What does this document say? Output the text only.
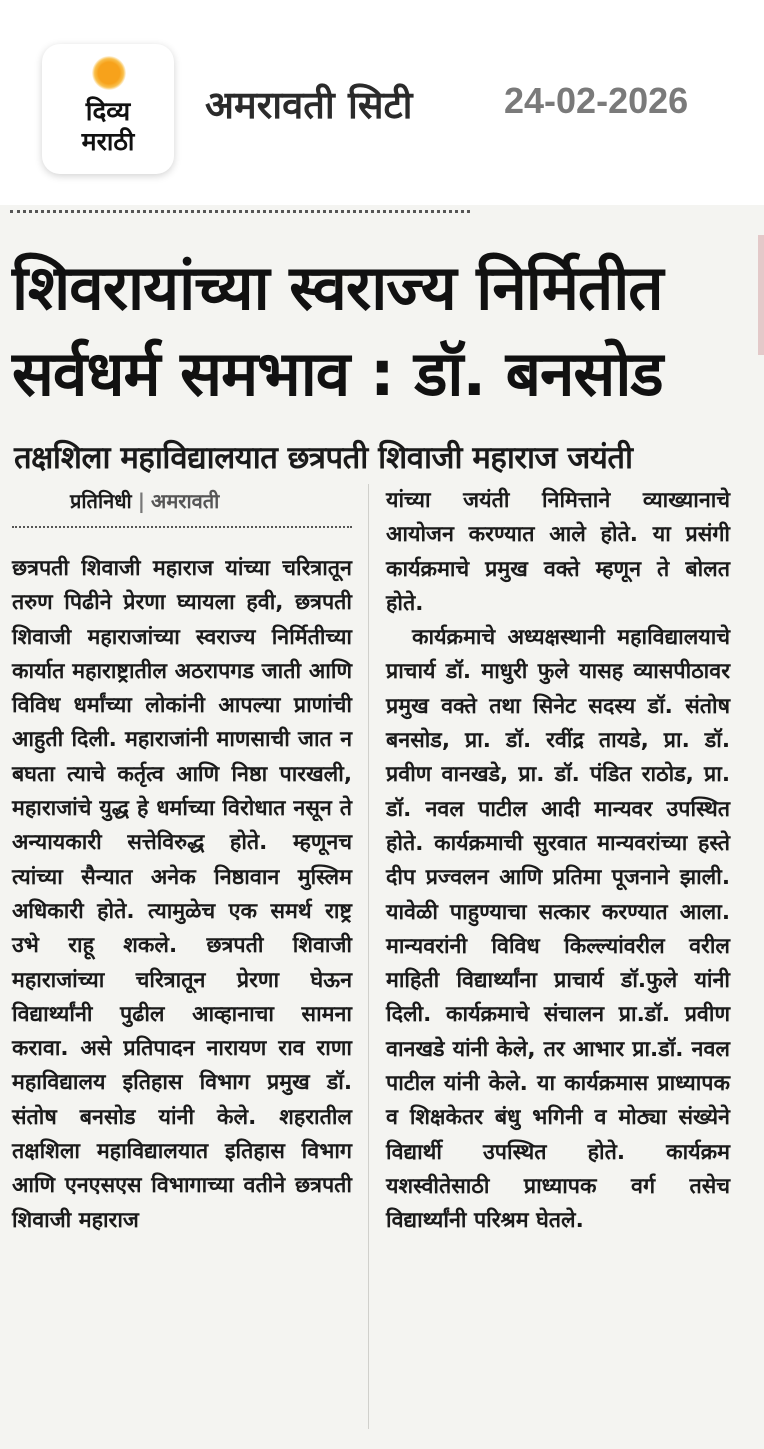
दिव्य
मराठी
अमरावती सिटी	24-02-2026
शिवरायांच्या स्वराज्य निर्मितीत
सर्वधर्म समभाव : डॉ. बनसोड
तक्षशिला महाविद्यालयात छत्रपती शिवाजी महाराज जयंती
प्रतिनिधी | अमरावती

छत्रपती शिवाजी महाराज यांच्या चरित्रातून तरुण पिढीने प्रेरणा घ्यायला हवी, छत्रपती शिवाजी महाराजांच्या स्वराज्य निर्मितीच्या कार्यात महाराष्ट्रातील अठरापगड जाती आणि विविध धर्मांच्या लोकांनी आपल्या प्राणांची आहुती दिली. महाराजांनी माणसाची जात न बघता त्याचे कर्तृत्व आणि निष्ठा पारखली, महाराजांचे युद्ध हे धर्माच्या विरोधात नसून ते अन्यायकारी सत्तेविरुद्ध होते. म्हणूनच त्यांच्या सैन्यात अनेक निष्ठावान मुस्लिम अधिकारी होते. त्यामुळेच एक समर्थ राष्ट्र उभे राहू शकले. छत्रपती शिवाजी महाराजांच्या चरित्रातून प्रेरणा घेऊन विद्यार्थ्यांनी पुढील आव्हानाचा सामना करावा. असे प्रतिपादन नारायण राव राणा महाविद्यालय इतिहास विभाग प्रमुख डॉ. संतोष बनसोड यांनी केले. शहरातील तक्षशिला महाविद्यालयात इतिहास विभाग आणि एनएसएस विभागाच्या वतीने छत्रपती शिवाजी महाराज

यांच्या जयंती निमित्ताने व्याख्यानाचे आयोजन करण्यात आले होते. या प्रसंगी कार्यक्रमाचे प्रमुख वक्ते म्हणून ते बोलत होते.

कार्यक्रमाचे अध्यक्षस्थानी महाविद्यालयाचे प्राचार्य डॉ. माधुरी फुले यासह व्यासपीठावर प्रमुख वक्ते तथा सिनेट सदस्य डॉ. संतोष बनसोड, प्रा. डॉ. रवींद्र तायडे, प्रा. डॉ. प्रवीण वानखडे, प्रा. डॉ. पंडित राठोड, प्रा. डॉ. नवल पाटील आदी मान्यवर उपस्थित होते. कार्यक्रमाची सुरवात मान्यवरांच्या हस्ते दीप प्रज्वलन आणि प्रतिमा पूजनाने झाली. यावेळी पाहुण्याचा सत्कार करण्यात आला. मान्यवरांनी विविध किल्ल्यांवरील वरील माहिती विद्यार्थ्यांना प्राचार्य डॉ.फुले यांनी दिली. कार्यक्रमाचे संचालन प्रा.डॉ. प्रवीण वानखडे यांनी केले, तर आभार प्रा.डॉ. नवल पाटील यांनी केले. या कार्यक्रमास प्राध्यापक व शिक्षकेतर बंधु भगिनी व मोठ्या संख्येने विद्यार्थी उपस्थित होते. कार्यक्रम यशस्वीतेसाठी प्राध्यापक वर्ग तसेच विद्यार्थ्यांनी परिश्रम घेतले.
